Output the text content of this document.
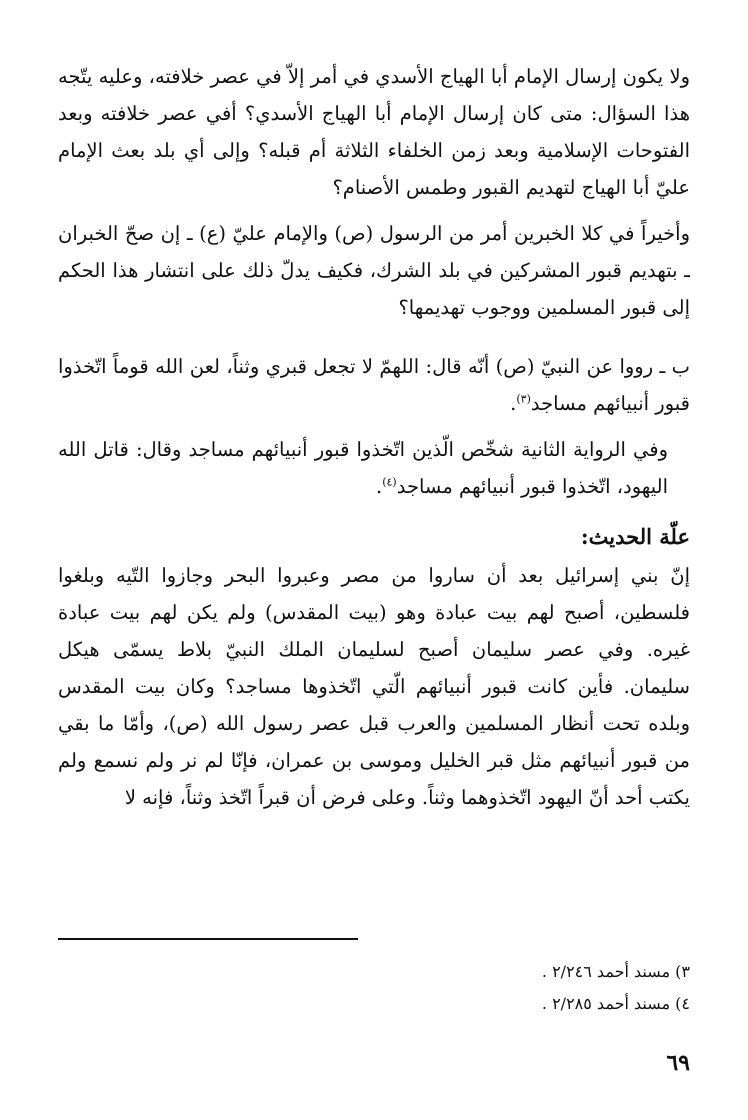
ولا يكون إرسال الإمام أبا الهياج الأسدي في أمر إلاّ في عصر خلافته، وعليه يتّجه هذا السؤال: متى كان إرسال الإمام أبا الهياج الأسدي؟ أفي عصر خلافته وبعد الفتوحات الإسلامية وبعد زمن الخلفاء الثلاثة أم قبله؟ وإلى أي بلد بعث الإمام عليّ أبا الهياج لتهديم القبور وطمس الأصنام؟

وأخيراً في كلا الخبرين أمر من الرسول (ص) والإمام عليّ (ع) ـ إن صحّ الخبران ـ بتهديم قبور المشركين في بلد الشرك، فكيف يدلّ ذلك على انتشار هذا الحكم إلى قبور المسلمين ووجوب تهديمها؟

ب ـ رووا عن النبيّ (ص) أنّه قال: اللهمّ لا تجعل قبري وثناً، لعن الله قوماً اتّخذوا قبور أنبيائهم مساجد$^{(٣)}$.

وفي الرواية الثانية شخّص الّذين اتّخذوا قبور أنبيائهم مساجد وقال: قاتل الله اليهود، اتّخذوا قبور أنبيائهم مساجد$^{(٤)}$.

علّة الحديث:

إنّ بني إسرائيل بعد أن ساروا من مصر وعبروا البحر وجازوا التّيه وبلغوا فلسطين، أصبح لهم بيت عبادة وهو (بيت المقدس) ولم يكن لهم بيت عبادة غيره. وفي عصر سليمان أصبح لسليمان الملك النبيّ بلاط يسمّى هيكل سليمان. فأين كانت قبور أنبيائهم الّتي اتّخذوها مساجد؟ وكان بيت المقدس وبلده تحت أنظار المسلمين والعرب قبل عصر رسول الله (ص)، وأمّا ما بقي من قبور أنبيائهم مثل قبر الخليل وموسى بن عمران، فإنّا لم نر ولم نسمع ولم يكتب أحد أنّ اليهود اتّخذوهما وثناً. وعلى فرض أن قبراً اتّخذ وثناً، فإنه لا

٣) مسند أحمد ٢/٢٤٦ .
٤) مسند أحمد ٢/٢٨٥ .
٦٩
